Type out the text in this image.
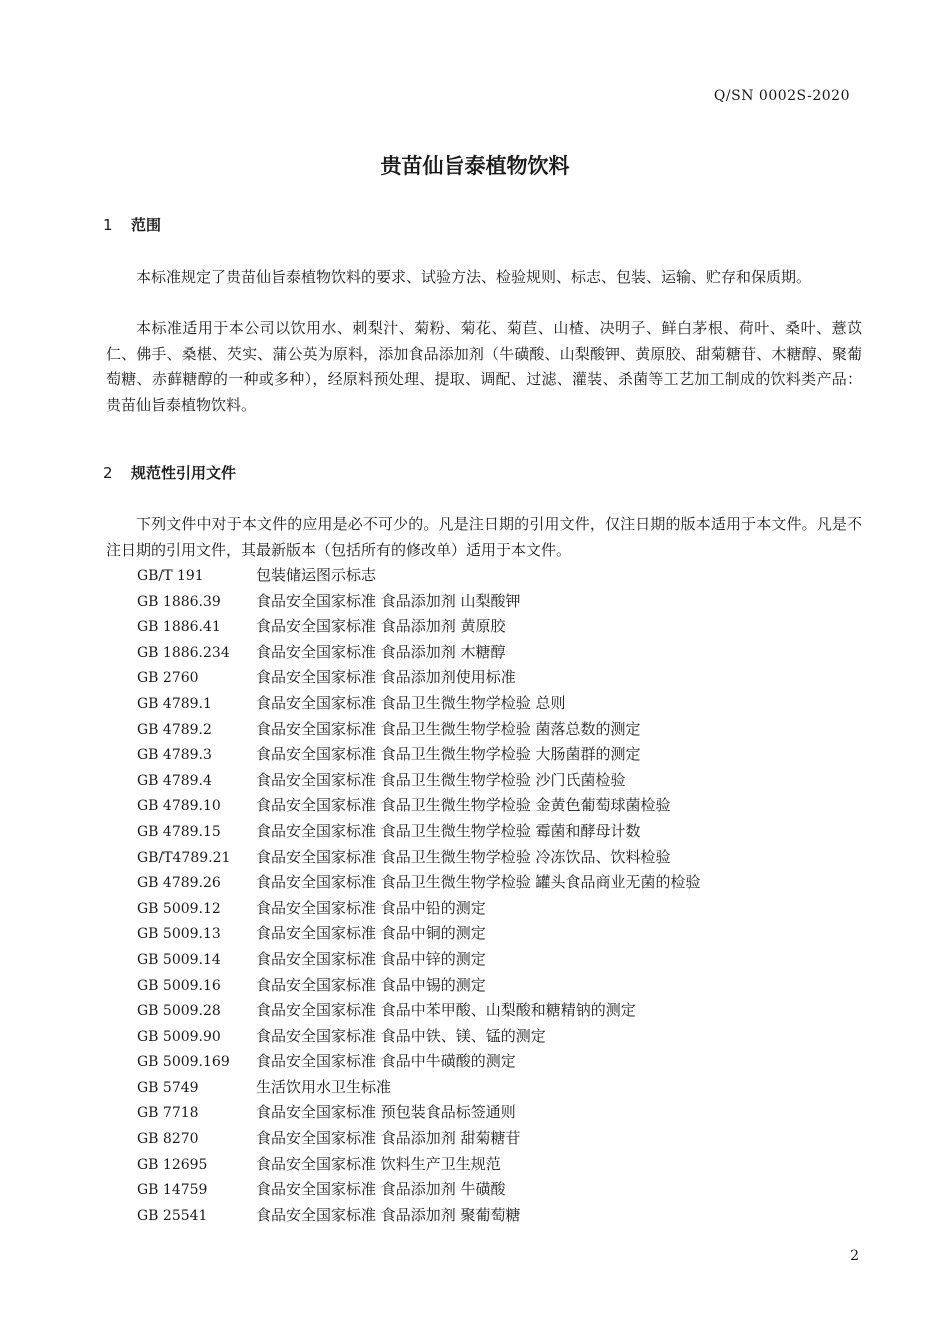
Q/SN 0002S-2020
贵苗仙旨泰植物饮料
1 范围

本标准规定了贵苗仙旨泰植物饮料的要求、试验方法、检验规则、标志、包装、运输、贮存和保质期。

本标准适用于本公司以饮用水、刺梨汁、菊粉、菊花、菊苣、山楂、决明子、鲜白茅根、荷叶、桑叶、薏苡仁、佛手、桑椹、芡实、蒲公英为原料，添加食品添加剂（牛磺酸、山梨酸钾、黄原胶、甜菊糖苷、木糖醇、聚葡萄糖、赤藓糖醇的一种或多种），经原料预处理、提取、调配、过滤、灌装、杀菌等工艺加工制成的饮料类产品：贵苗仙旨泰植物饮料。

2 规范性引用文件

下列文件中对于本文件的应用是必不可少的。凡是注日期的引用文件，仅注日期的版本适用于本文件。凡是不注日期的引用文件，其最新版本（包括所有的修改单）适用于本文件。

GB/T 191	包装储运图示标志
GB 1886.39 食品安全国家标准 食品添加剂 山梨酸钾
GB 1886.41 食品安全国家标准 食品添加剂 黄原胶
GB 1886.234 食品安全国家标准 食品添加剂 木糖醇
GB 2760	食品安全国家标准 食品添加剂使用标准
GB 4789.1	食品安全国家标准 食品卫生微生物学检验 总则
GB 4789.2	食品安全国家标准 食品卫生微生物学检验 菌落总数的测定
GB 4789.3	食品安全国家标准 食品卫生微生物学检验 大肠菌群的测定
GB 4789.4	食品安全国家标准 食品卫生微生物学检验 沙门氏菌检验
GB 4789.10 食品安全国家标准 食品卫生微生物学检验 金黄色葡萄球菌检验
GB 4789.15 食品安全国家标准 食品卫生微生物学检验 霉菌和酵母计数
GB/T4789.21 食品安全国家标准 食品卫生微生物学检验 冷冻饮品、饮料检验
GB 4789.26 食品安全国家标准 食品卫生微生物学检验 罐头食品商业无菌的检验
GB 5009.12 食品安全国家标准 食品中铅的测定
GB 5009.13 食品安全国家标准 食品中铜的测定
GB 5009.14 食品安全国家标准 食品中锌的测定
GB 5009.16 食品安全国家标准 食品中锡的测定
GB 5009.28 食品安全国家标准 食品中苯甲酸、山梨酸和糖精钠的测定
GB 5009.90 食品安全国家标准 食品中铁、镁、锰的测定
GB 5009.169 食品安全国家标准 食品中牛磺酸的测定
GB 5749	生活饮用水卫生标准
GB 7718	食品安全国家标准 预包装食品标签通则
GB 8270	食品安全国家标准 食品添加剂 甜菊糖苷
GB 12695	食品安全国家标准 饮料生产卫生规范
GB 14759	食品安全国家标准 食品添加剂 牛磺酸
GB 25541	食品安全国家标准 食品添加剂 聚葡萄糖
2
